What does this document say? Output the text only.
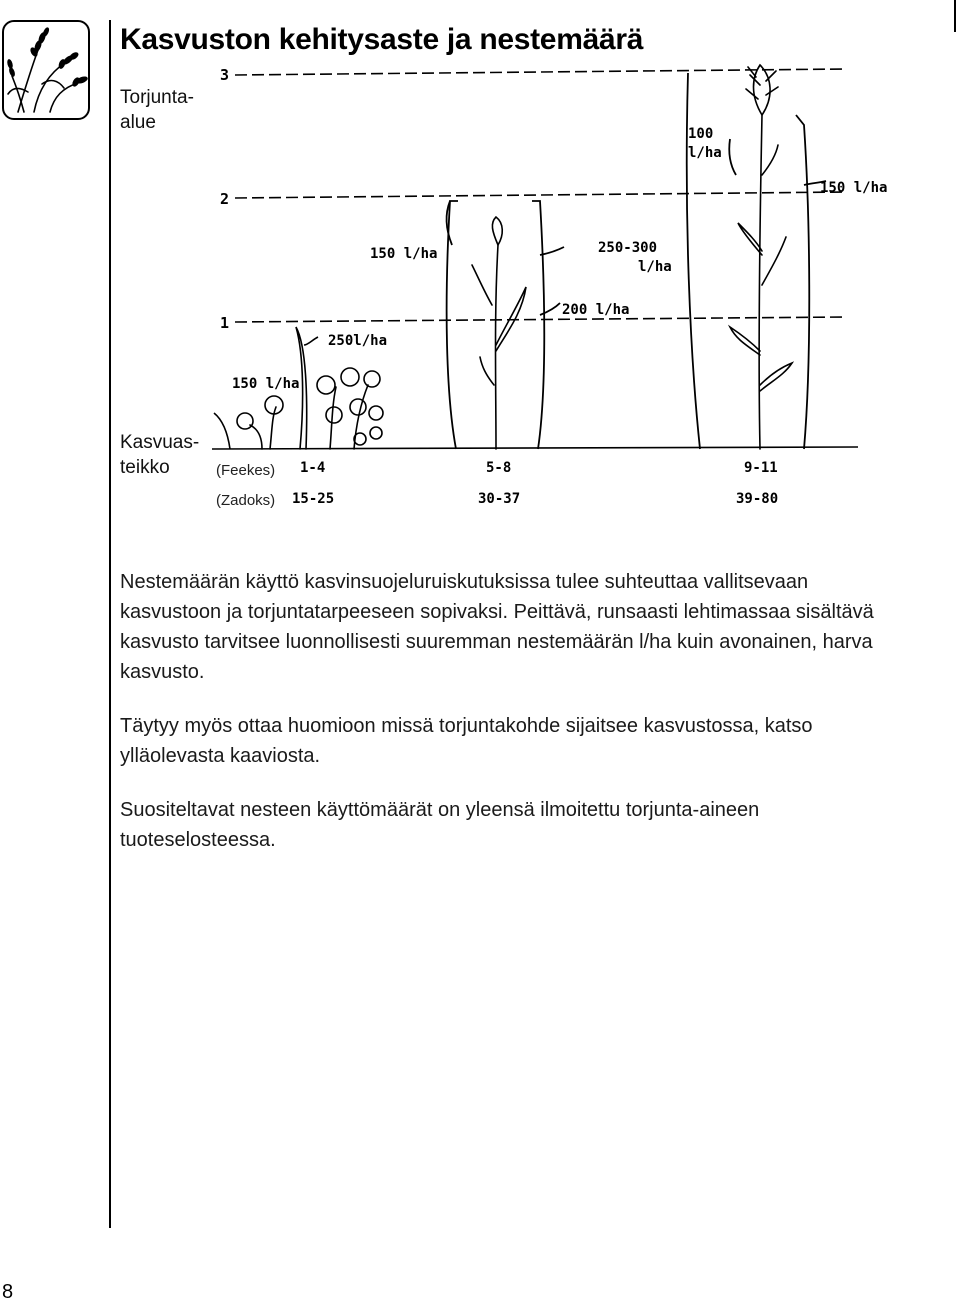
Kasvuston kehitysaste ja nestemäärä
Torjunta-
alue
Kasvuas-
teikko	(Feekes)
(Zadoks)
3
2
1
150 l/ha
250l/ha
150 l/ha	250-300
l/ha
200 l/ha
100
l/ha
150 l/ha
1-4	5-8	9-11
15-25	30-37	39-80

Nestemäärän käyttö kasvinsuojeluruiskutuksissa tulee suhteuttaa vallitsevaan kasvustoon ja torjuntatarpeeseen sopivaksi. Peittävä, runsaasti lehtimassaa sisältävä kasvusto tarvitsee luonnollisesti suuremman nestemäärän l/ha kuin avonainen, harva kasvusto.

Täytyy myös ottaa huomioon missä torjuntakohde sijaitsee kasvustossa, katso ylläolevasta kaaviosta.

Suositeltavat nesteen käyttömäärät on yleensä ilmoitettu torjunta-aineen tuoteselosteessa.

8
